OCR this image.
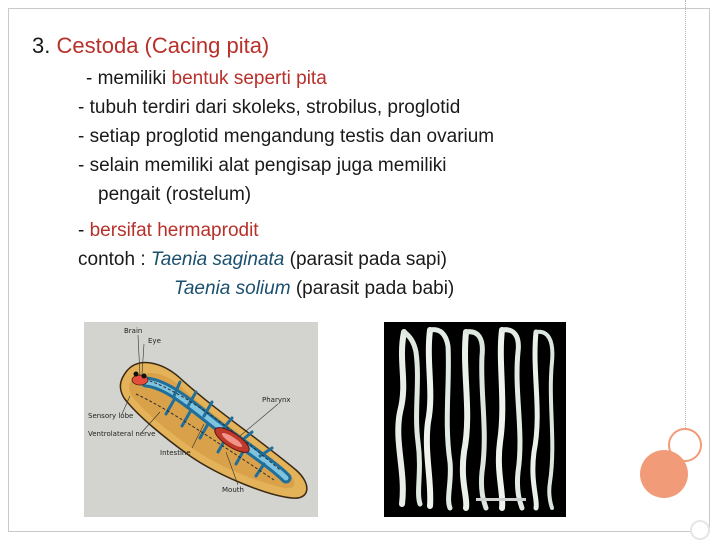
3. Cestoda (Cacing pita)
- memiliki bentuk seperti pita
- tubuh terdiri dari skoleks, strobilus, proglotid
- setiap proglotid mengandung testis dan ovarium
- selain memiliki alat pengisap juga memiliki
pengait (rostelum)
- bersifat hermaprodit
contoh : Taenia saginata (parasit pada sapi)
Taenia solium (parasit pada babi)
Brain
Eye
Sensory lobe
Ventrolateral nerve
Pharynx
Intestine
Mouth
